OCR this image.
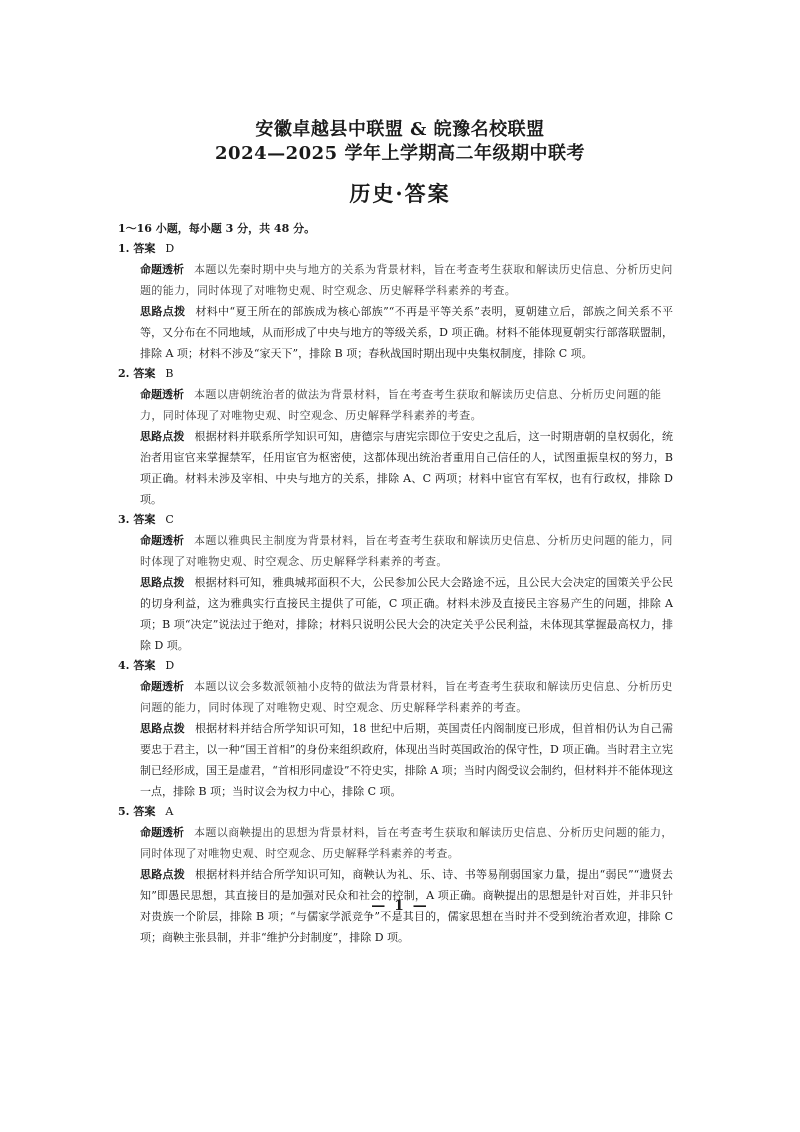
安徽卓越县中联盟 & 皖豫名校联盟
2024—2025 学年上学期高二年级期中联考
历史·答案
1～16 小题，每小题 3 分，共 48 分。
1. 答案 D

命题透析 本题以先秦时期中央与地方的关系为背景材料，旨在考查考生获取和解读历史信息、分析历史问题的能力，同时体现了对唯物史观、时空观念、历史解释学科素养的考查。

思路点拨 材料中“夏王所在的部族成为核心部族”“不再是平等关系”表明，夏朝建立后，部族之间关系不平等，又分布在不同地域，从而形成了中央与地方的等级关系，D 项正确。材料不能体现夏朝实行部落联盟制，排除 A 项；材料不涉及“家天下”，排除 B 项；春秋战国时期出现中央集权制度，排除 C 项。

2. 答案 B

命题透析 本题以唐朝统治者的做法为背景材料，旨在考查考生获取和解读历史信息、分析历史问题的能力，同时体现了对唯物史观、时空观念、历史解释学科素养的考查。

思路点拨 根据材料并联系所学知识可知，唐德宗与唐宪宗即位于安史之乱后，这一时期唐朝的皇权弱化，统治者用宦官来掌握禁军，任用宦官为枢密使，这都体现出统治者重用自己信任的人，试图重振皇权的努力，B 项正确。材料未涉及宰相、中央与地方的关系，排除 A、C 两项；材料中宦官有军权，也有行政权，排除 D 项。

3. 答案 C

命题透析 本题以雅典民主制度为背景材料，旨在考查考生获取和解读历史信息、分析历史问题的能力，同时体现了对唯物史观、时空观念、历史解释学科素养的考查。

思路点拨 根据材料可知，雅典城邦面积不大，公民参加公民大会路途不远，且公民大会决定的国策关乎公民的切身利益，这为雅典实行直接民主提供了可能，C 项正确。材料未涉及直接民主容易产生的问题，排除 A 项；B 项“决定”说法过于绝对，排除；材料只说明公民大会的决定关乎公民利益，未体现其掌握最高权力，排除 D 项。

4. 答案 D

命题透析 本题以议会多数派领袖小皮特的做法为背景材料，旨在考查考生获取和解读历史信息、分析历史问题的能力，同时体现了对唯物史观、时空观念、历史解释学科素养的考查。

思路点拨 根据材料并结合所学知识可知，18 世纪中后期，英国责任内阁制度已形成，但首相仍认为自己需要忠于君主，以一种“国王首相”的身份来组织政府，体现出当时英国政治的保守性，D 项正确。当时君主立宪制已经形成，国王是虚君，“首相形同虚设”不符史实，排除 A 项；当时内阁受议会制约，但材料并不能体现这一点，排除 B 项；当时议会为权力中心，排除 C 项。

5. 答案 A

命题透析 本题以商鞅提出的思想为背景材料，旨在考查考生获取和解读历史信息、分析历史问题的能力，同时体现了对唯物史观、时空观念、历史解释学科素养的考查。

思路点拨 根据材料并结合所学知识可知，商鞅认为礼、乐、诗、书等易削弱国家力量，提出“弱民”“遗贤去知”即愚民思想，其直接目的是加强对民众和社会的控制，A 项正确。商鞅提出的思想是针对百姓，并非只针对贵族一个阶层，排除 B 项；“与儒家学派竞争”不是其目的，儒家思想在当时并不受到统治者欢迎，排除 C 项；商鞅主张县制，并非“维护分封制度”，排除 D 项。

— 1 —
